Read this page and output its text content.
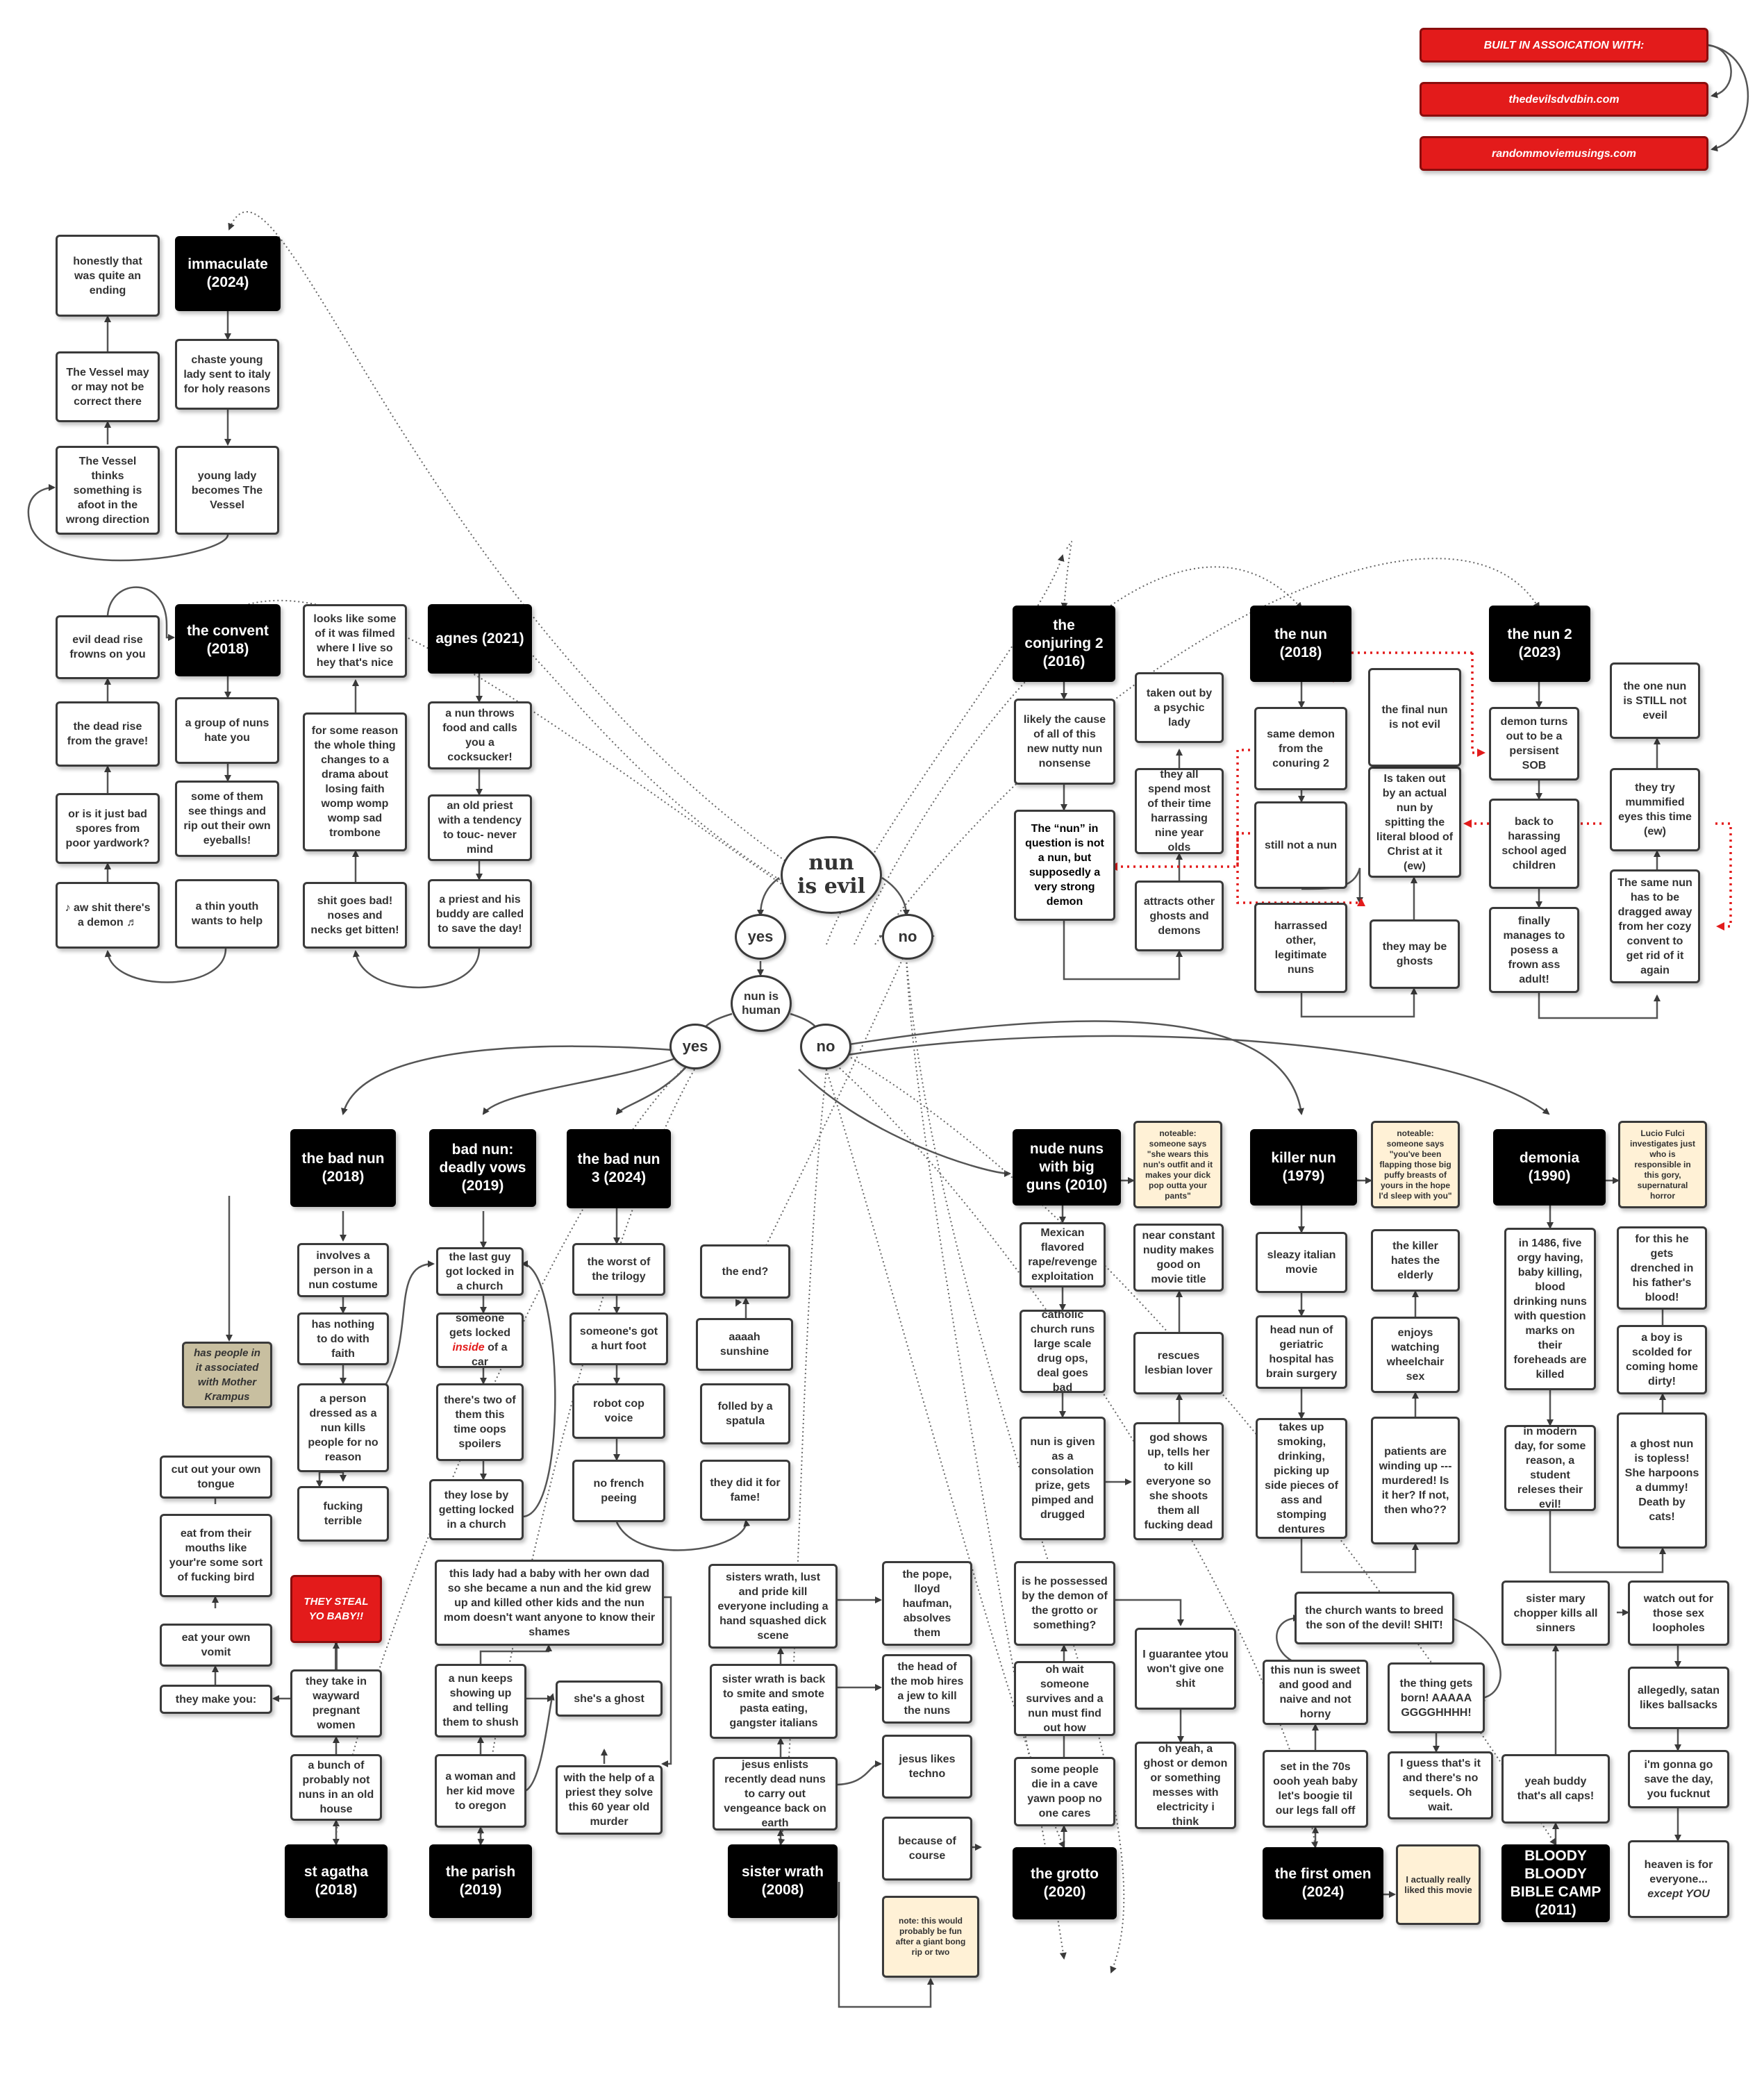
BUILT IN ASSOICATION WITH:
thedevilsdvdbin.com
randommoviemusings.com
nun
is evil
yes	no
nun is human
yes	no
immaculate (2024)
chaste young lady sent to italy for holy reasons
young lady becomes The Vessel
The Vessel thinks something is afoot in the wrong direction
The Vessel may or may not be correct there
honestly that was quite an ending
the convent (2018)
a group of nuns hate you
some of them see things and rip out their own eyeballs!
a thin youth wants to help
♪ aw shit there's a demon ♬
or is it just bad spores from poor yardwork?
the dead rise from the grave!
evil dead rise frowns on you
agnes (2021)
a nun throws food and calls you a cocksucker!
an old priest with a tendency to touc- never mind
a priest and his buddy are called to save the day!
shit goes bad! noses and necks get bitten!
for some reason the whole thing changes to a drama about losing faith womp womp womp sad trombone
looks like some of it was filmed where I live so hey that's nice
the conjuring 2 (2016)
likely the cause of all of this new nutty nun nonsense
The “nun” in question is not a nun, but supposedly a very strong demon	attracts other ghosts and demons
they all spend most of their time harrassing nine year olds
taken out by a psychic lady
the nun (2018)
same demon from the conuring 2
still not a nun
harrassed other, legitimate nuns
they may be ghosts
Is taken out by an actual nun by spitting the literal blood of Christ at it (ew)
the final nun is not evil
the nun 2 (2023)
demon turns out to be a persisent SOB
back to harassing school aged children
finally manages to posess a frown ass adult!
The same nun has to be dragged away from her cozy convent to get rid of it again
they try mummified eyes this time (ew)
the one nun is STILL not eveil
the bad nun (2018)
involves a person in a nun costume
has nothing to do with faith
a person dressed as a nun kills people for no reason
fucking terrible
has people in it associated with Mother Krampus
bad nun: deadly vows (2019)
the last guy got locked in a church
someone gets locked inside of a car
there's two of them this time oops spoilers
they lose by getting locked in a church
the bad nun 3 (2024)
the worst of the trilogy
someone's got a hurt foot
robot cop voice
no french peeing
they did it for fame!
folled by a spatula
aaaah sunshine
the end?
nude nuns with big guns (2010)
noteable: someone says "she wears this nun's outfit and it makes your dick pop outta your pants"
Mexican flavored rape/revenge exploitation
catholic church runs large scale drug ops, deal goes bad
nun is given as a consolation prize, gets pimped and drugged
god shows up, tells her to kill everyone so she shoots them all fucking dead
rescues lesbian lover
near constant nudity makes good on movie title
killer nun (1979)
noteable: someone says "you've been flapping those big puffy breasts of yours in the hope I'd sleep with you"
sleazy italian movie
head nun of geriatric hospital has brain surgery
takes up smoking, drinking, picking up side pieces of ass and stomping dentures
patients are winding up --- murdered! Is it her? If not, then who??
enjoys watching wheelchair sex
the killer hates the elderly
demonia (1990)
Lucio Fulci investigates just who is responsible in this gory, supernatural horror
in 1486, five orgy having, baby killing, blood drinking nuns with question marks on their foreheads are killed
in modern day, for some reason, a student releses their evil!
a ghost nun is topless! She harpoons a dummy! Death by cats!
a boy is scolded for coming home dirty!
for this he gets drenched in his father's blood!
st agatha (2018)
a bunch of probably not nuns in an old house
they take in wayward pregnant women
THEY STEAL YO BABY!!
they make you:
eat your own vomit
eat from their mouths like your're some sort of fucking bird
cut out your own tongue
the parish (2019)
a woman and her kid move to oregon
a nun keeps showing up and telling them to shush
she's a ghost
with the help of a priest they solve this 60 year old murder
this lady had a baby with her own dad so she became a nun and the kid grew up and killed other kids and the nun mom doesn't want anyone to know their shames
sister wrath (2008)
jesus enlists recently dead nuns to carry out vengeance back on earth
sister wrath is back to smite and smote pasta eating, gangster italians
sisters wrath, lust and pride kill everyone including a hand squashed dick scene
the pope, lloyd haufman, absolves them
the head of the mob hires a jew to kill the nuns
jesus likes techno
because of course
note: this would probably be fun after a giant bong rip or two
the grotto (2020)
some people die in a cave yawn poop no one cares
oh wait someone survives and a nun must find out how
is he possessed by the demon of the grotto or something?
I guarantee ytou won't give one shit
oh yeah, a ghost or demon or something messes with electricity i think
the first omen (2024)
I actually really liked this movie
set in the 70s oooh yeah baby let's boogie til our legs fall off
this nun is sweet and good and naive and not horny
the church wants to breed the son of the devil! SHIT!
the thing gets born! AAAAA GGGGHHHH!
I guess that's it and there's no sequels. Oh wait.
BLOODY BLOODY BIBLE CAMP (2011)
yeah buddy that's all caps!
sister mary chopper kills all sinners
watch out for those sex loopholes
allegedly, satan likes ballsacks
i'm gonna go save the day, you fucknut
heaven is for everyone...
except YOU
